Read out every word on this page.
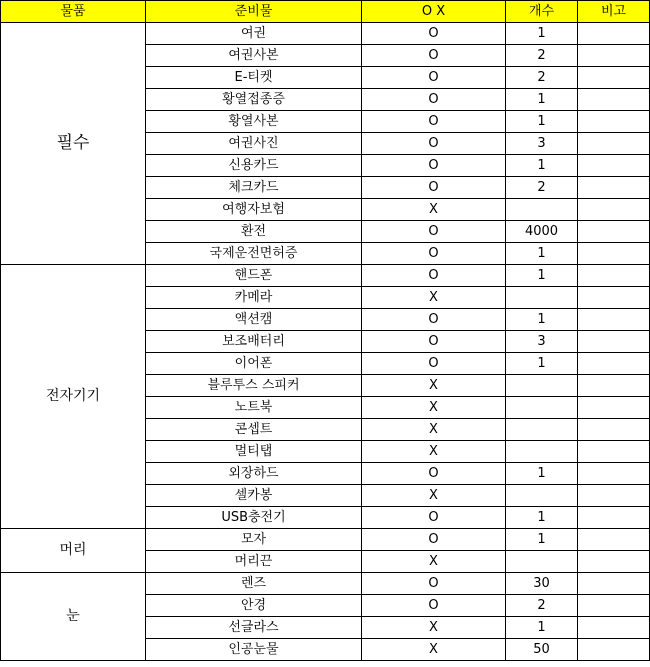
물품	준비물	O X	개수	비고
필수	여권	O	1	
	여권사본	O	2	
	E-티켓	O	2	
	황열접종증	O	1	
	황열사본	O	1	
	여권사진	O	3	
	신용카드	O	1	
	체크카드	O	2	
	여행자보험	X		
	환전	O	4000	
	국제운전면허증	O	1	
전자기기	핸드폰	O	1	
	카메라	X		
	액션캠	O	1	
	보조배터리	O	3	
	이어폰	O	1	
	블루투스 스피커	X		
	노트북	X		
	콘셉트	X		
	멀티탭	X		
	외장하드	O	1	
	셀카봉	X		
	USB충전기	O	1	
머리	모자	O	1	
	머리끈	X		
눈	렌즈	O	30	
	안경	O	2	
	선글라스	X	1	
	인공눈물	X	50	
